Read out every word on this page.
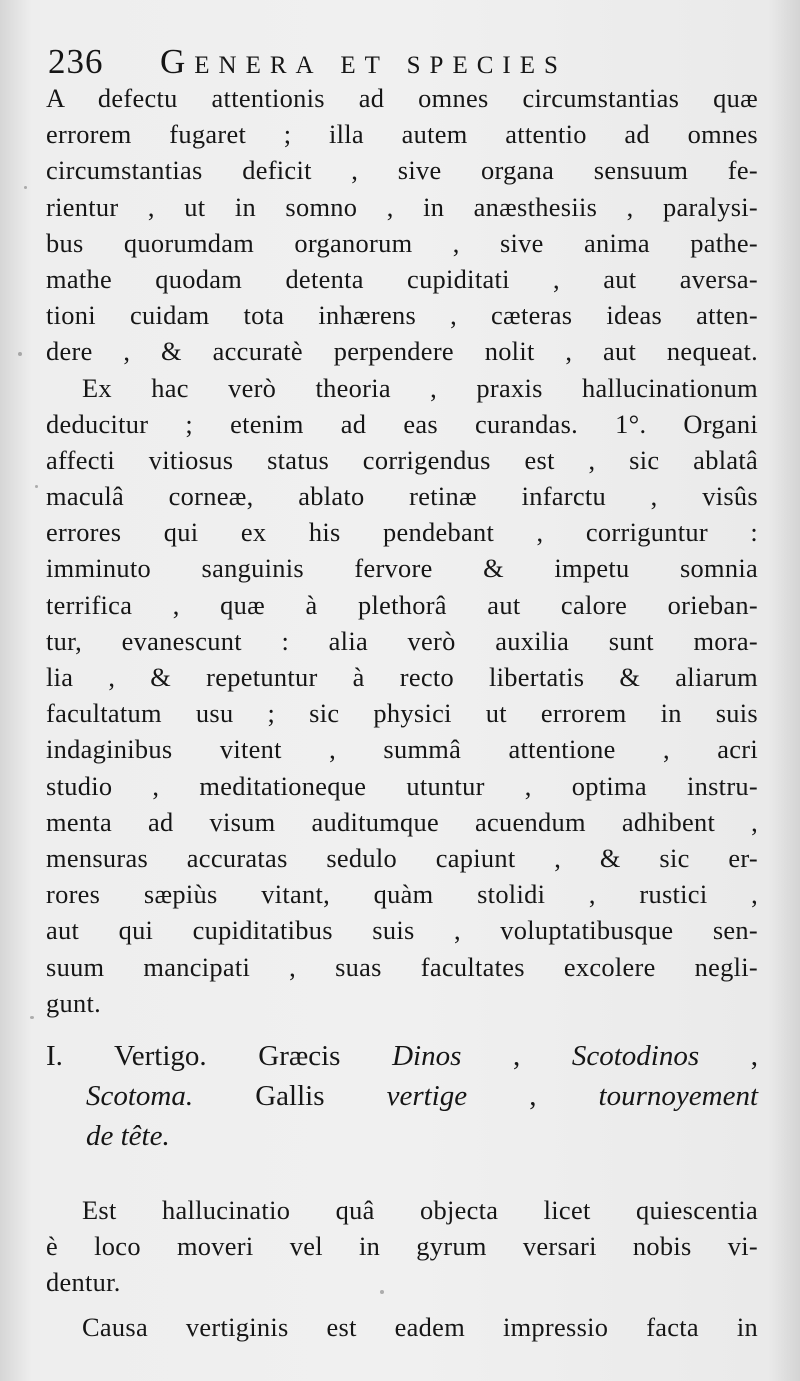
236 Genera et species
A defectu attentionis ad omnes circumstantias quæ
errorem fugaret ; illa autem attentio ad omnes
circumstantias deficit , sive organa sensuum fe-
rientur , ut in somno , in anæsthesiis , paralysi-
bus quorumdam organorum , sive anima pathe-
mathe quodam detenta cupiditati , aut aversa-
tioni cuidam tota inhærens , cæteras ideas atten-
dere , & accuratè perpendere nolit , aut nequeat.
Ex hac verò theoria , praxis hallucinationum
deducitur ; etenim ad eas curandas. 1°. Organi
affecti vitiosus status corrigendus est , sic ablatâ
maculâ corneæ, ablato retinæ infarctu , visûs
errores qui ex his pendebant , corriguntur :
imminuto sanguinis fervore & impetu somnia
terrifica , quæ à plethorâ aut calore orieban-
tur, evanescunt : alia verò auxilia sunt mora-
lia , & repetuntur à recto libertatis & aliarum
facultatum usu ; sic physici ut errorem in suis
indaginibus vitent , summâ attentione , acri
studio , meditationeque utuntur , optima instru-
menta ad visum auditumque acuendum adhibent ,
mensuras accuratas sedulo capiunt , & sic er-
rores sæpiùs vitant, quàm stolidi , rustici ,
aut qui cupiditatibus suis , voluptatibusque sen-
suum mancipati , suas facultates excolere negli-
gunt.
I. Vertigo. Græcis Dinos , Scotodinos ,
Scotoma. Gallis vertige , tournoyement
de tête.
Est hallucinatio quâ objecta licet quiescentia
è loco moveri vel in gyrum versari nobis vi-
dentur.
Causa vertiginis est eadem impressio facta in
